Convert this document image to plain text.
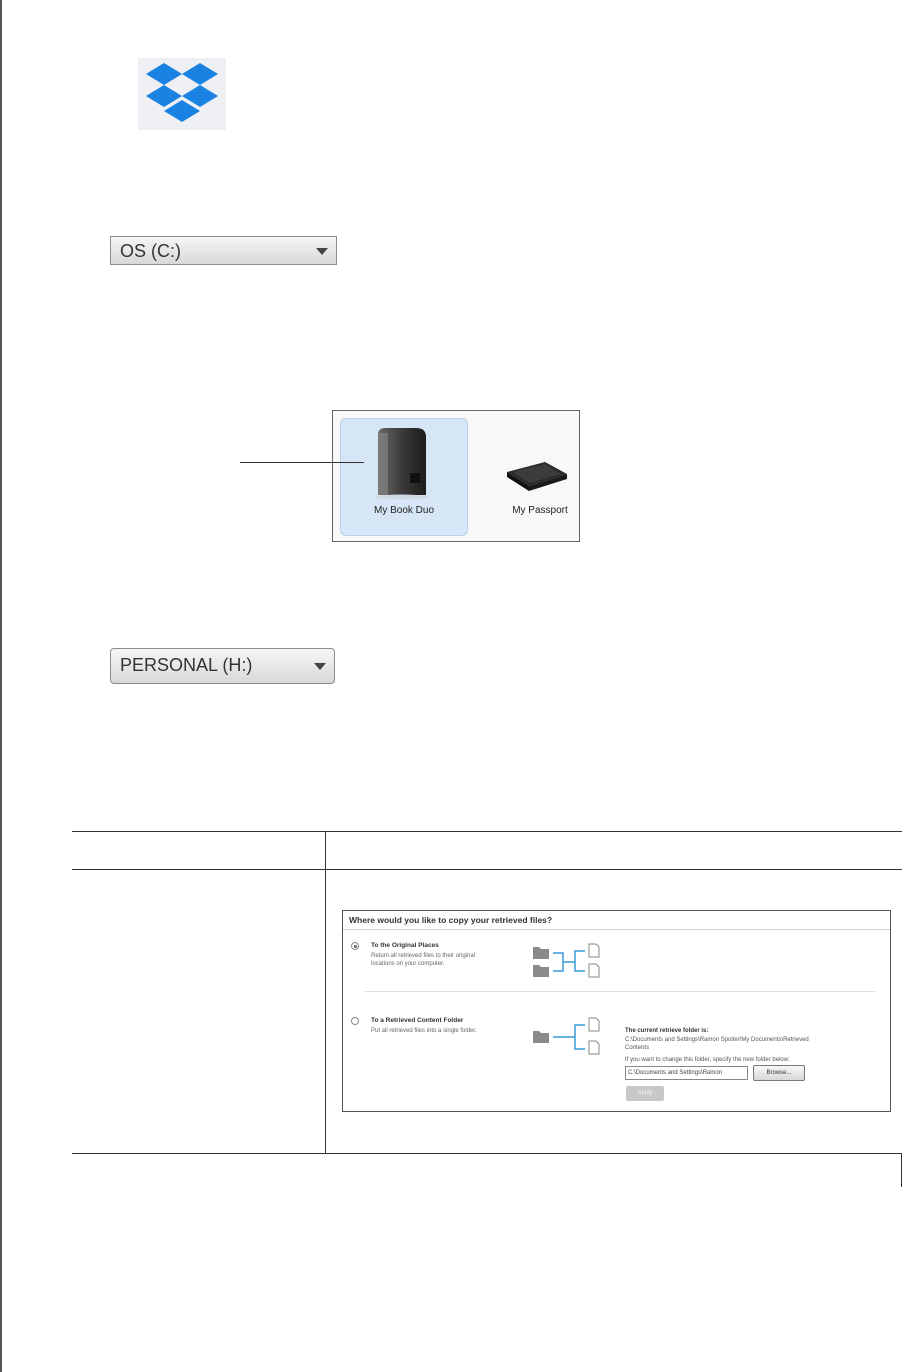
OS (C:)
My Book Duo	My Passport
PERSONAL (H:)
Where would you like to copy your retrieved files?
To the Original Places
Return all retrieved files to their original
locations on your computer.
To a Retrieved Content Folder
Put all retrieved files into a single folder.	The current retrieve folder is:
C:\Documents and Settings\Ramon Spoiter\My Documents\Retrieved
Contents
If you want to change this folder, specify the new folder below:
C:\Documents and Settings\Ramon	Browse...
Apply
